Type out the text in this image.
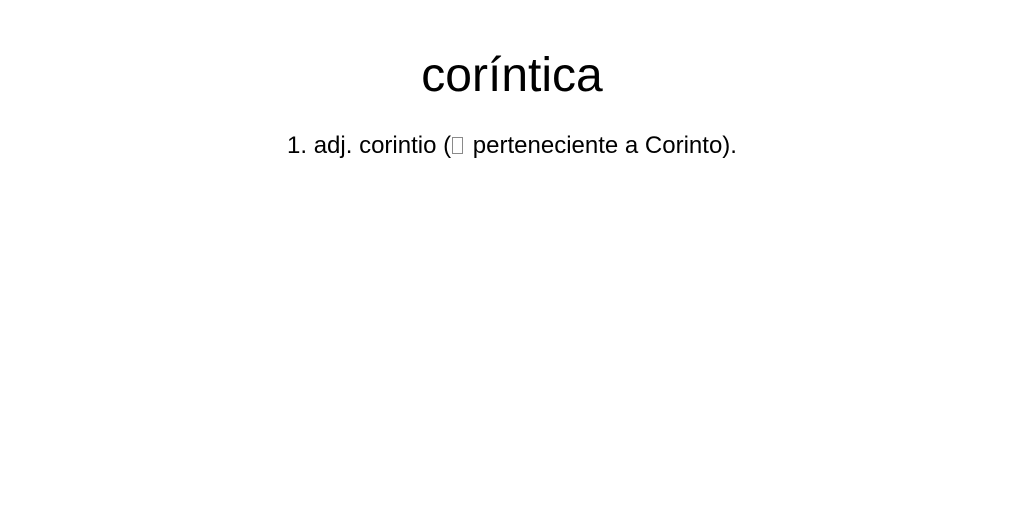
coríntica

1. adj. corintio ( perteneciente a Corinto).
